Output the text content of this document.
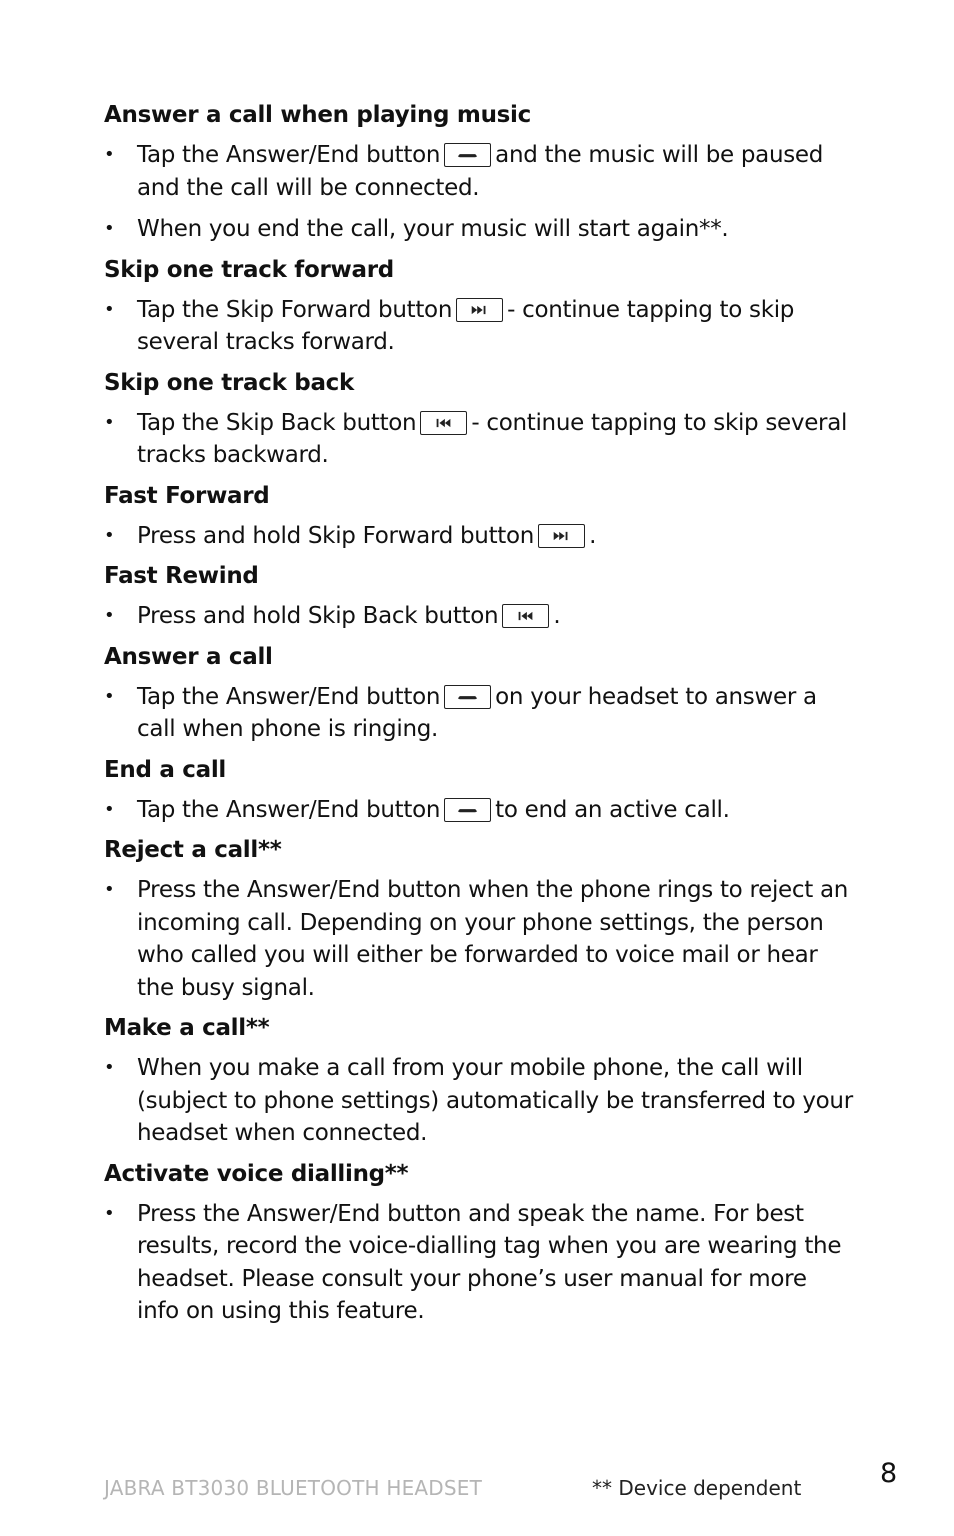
Answer a call when playing music
• Tap the Answer/End button and the music will be paused and the call will be connected.
• When you end the call, your music will start again**.
Skip one track forward
• Tap the Skip Forward button - continue tapping to skip several tracks forward.
Skip one track back
• Tap the Skip Back button - continue tapping to skip several tracks backward.
Fast Forward
• Press and hold Skip Forward button .
Fast Rewind
• Press and hold Skip Back button .
Answer a call
• Tap the Answer/End button on your headset to answer a call when phone is ringing.
End a call
• Tap the Answer/End button to end an active call.
Reject a call**
• Press the Answer/End button when the phone rings to reject an incoming call. Depending on your phone settings, the person who called you will either be forwarded to voice mail or hear the busy signal.
Make a call**
• When you make a call from your mobile phone, the call will (subject to phone settings) automatically be transferred to your headset when connected.
Activate voice dialling**
• Press the Answer/End button and speak the name. For best results, record the voice-dialling tag when you are wearing the headset. Please consult your phone’s user manual for more info on using this feature.
JABRA BT3030 BLUETOOTH HEADSET	** Device dependent	8
